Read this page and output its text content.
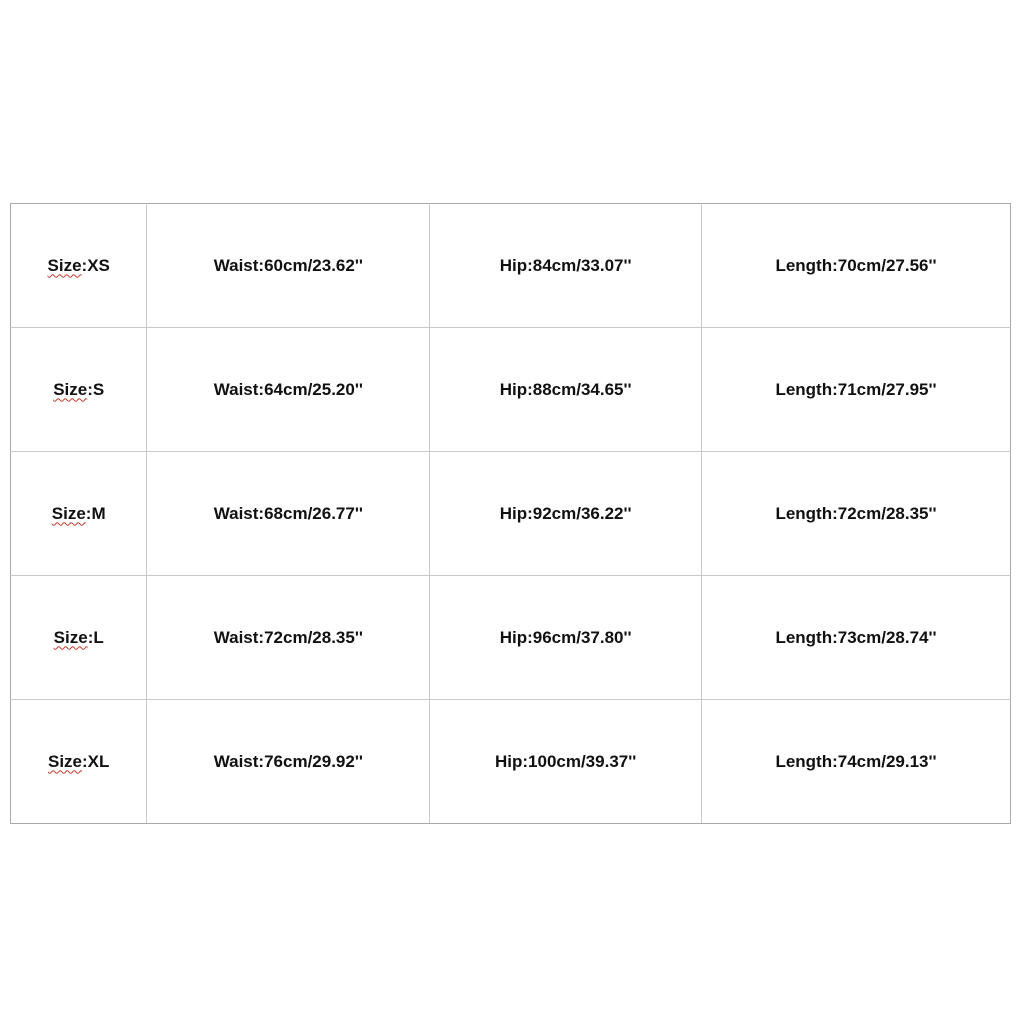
Size:XS	Waist:60cm/23.62''	Hip:84cm/33.07''	Length:70cm/27.56''
Size:S	Waist:64cm/25.20''	Hip:88cm/34.65''	Length:71cm/27.95''
Size:M	Waist:68cm/26.77''	Hip:92cm/36.22''	Length:72cm/28.35''
Size:L	Waist:72cm/28.35''	Hip:96cm/37.80''	Length:73cm/28.74''
Size:XL	Waist:76cm/29.92''	Hip:100cm/39.37''	Length:74cm/29.13''
